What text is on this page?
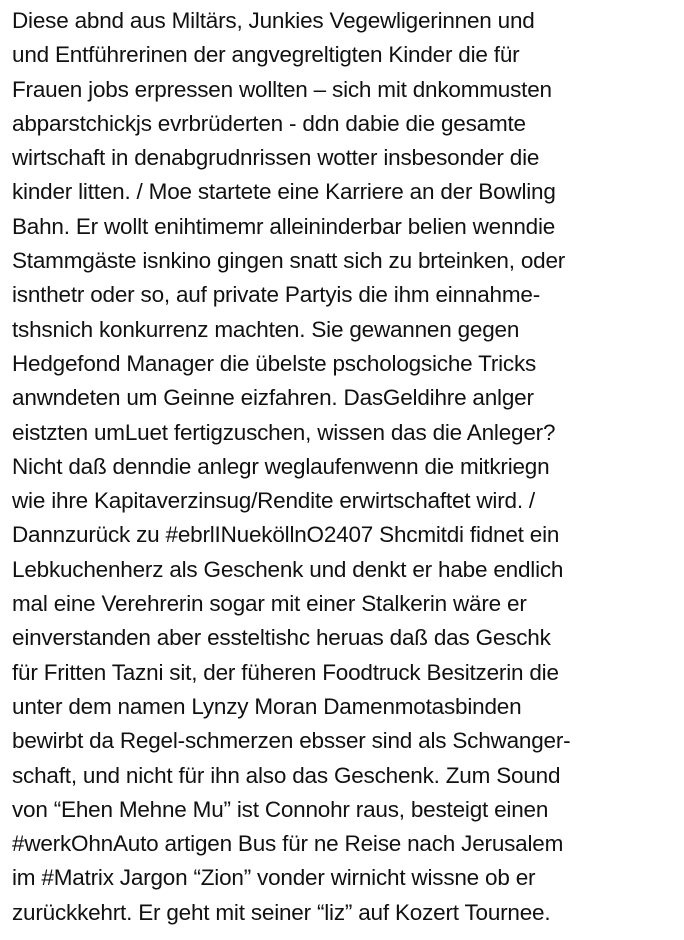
Diese abnd aus Miltärs, Junkies Vegewligerinnen und
und Entführerinen der angvegreltigten Kinder die für
Frauen jobs erpressen wollten – sich mit dnkommusten
abparstchickjs evrbrüderten - ddn dabie die gesamte
wirtschaft in denabgrudnrissen wotter insbesonder die
kinder litten. / Moe startete eine Karriere an der Bowling
Bahn. Er wollt enihtimemr alleininderbar belien wenndie
Stammgäste isnkino gingen snatt sich zu brteinken, oder
isnthetr oder so, auf private Partyis die ihm einnahme-
tshsnich konkurrenz machten. Sie gewannen gegen
Hedgefond Manager die übelste pschologsiche Tricks
anwndeten um Geinne eizfahren. DasGeldihre anlger
eistzten umLuet fertigzuschen, wissen das die Anleger?
Nicht daß denndie anlegr weglaufenwenn die mitkriegn
wie ihre Kapitaverzinsug/Rendite erwirtschaftet wird. /
Dannzurück zu #ebrlINueköllnO2407 Shcmitdi fidnet ein
Lebkuchenherz als Geschenk und denkt er habe endlich
mal eine Verehrerin sogar mit einer Stalkerin wäre er
einverstanden aber essteltishc heruas daß das Geschk
für Fritten Tazni sit, der füheren Foodtruck Besitzerin die
unter dem namen Lynzy Moran Damenmotasbinden
bewirbt da Regel-schmerzen ebsser sind als Schwanger-
schaft, und nicht für ihn also das Geschenk. Zum Sound
von “Ehen Mehne Mu” ist Connohr raus, besteigt einen
#werkOhnAuto artigen Bus für ne Reise nach Jerusalem
im #Matrix Jargon “Zion” vonder wirnicht wissne ob er
zurückkehrt. Er geht mit seiner “liz” auf Kozert Tournee.
